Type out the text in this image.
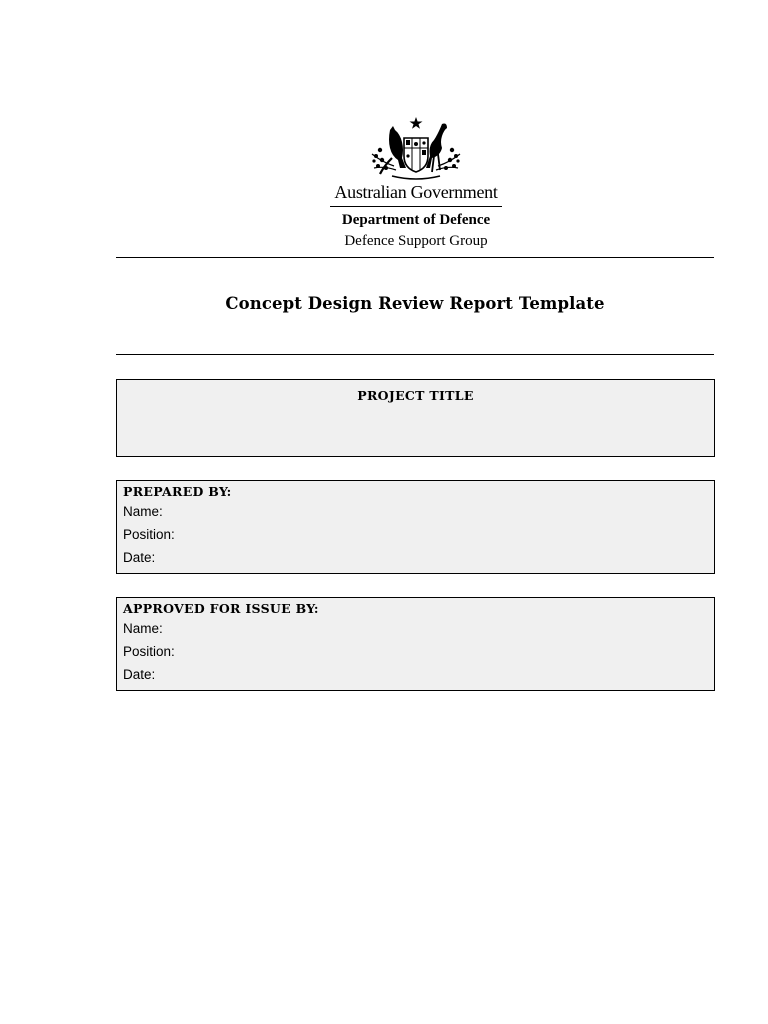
Australian Government
Department of Defence
Defence Support Group
Concept Design Review Report Template
PROJECT TITLE
PREPARED BY:
Name:
Position:
Date:
APPROVED FOR ISSUE BY:
Name:
Position:
Date:
